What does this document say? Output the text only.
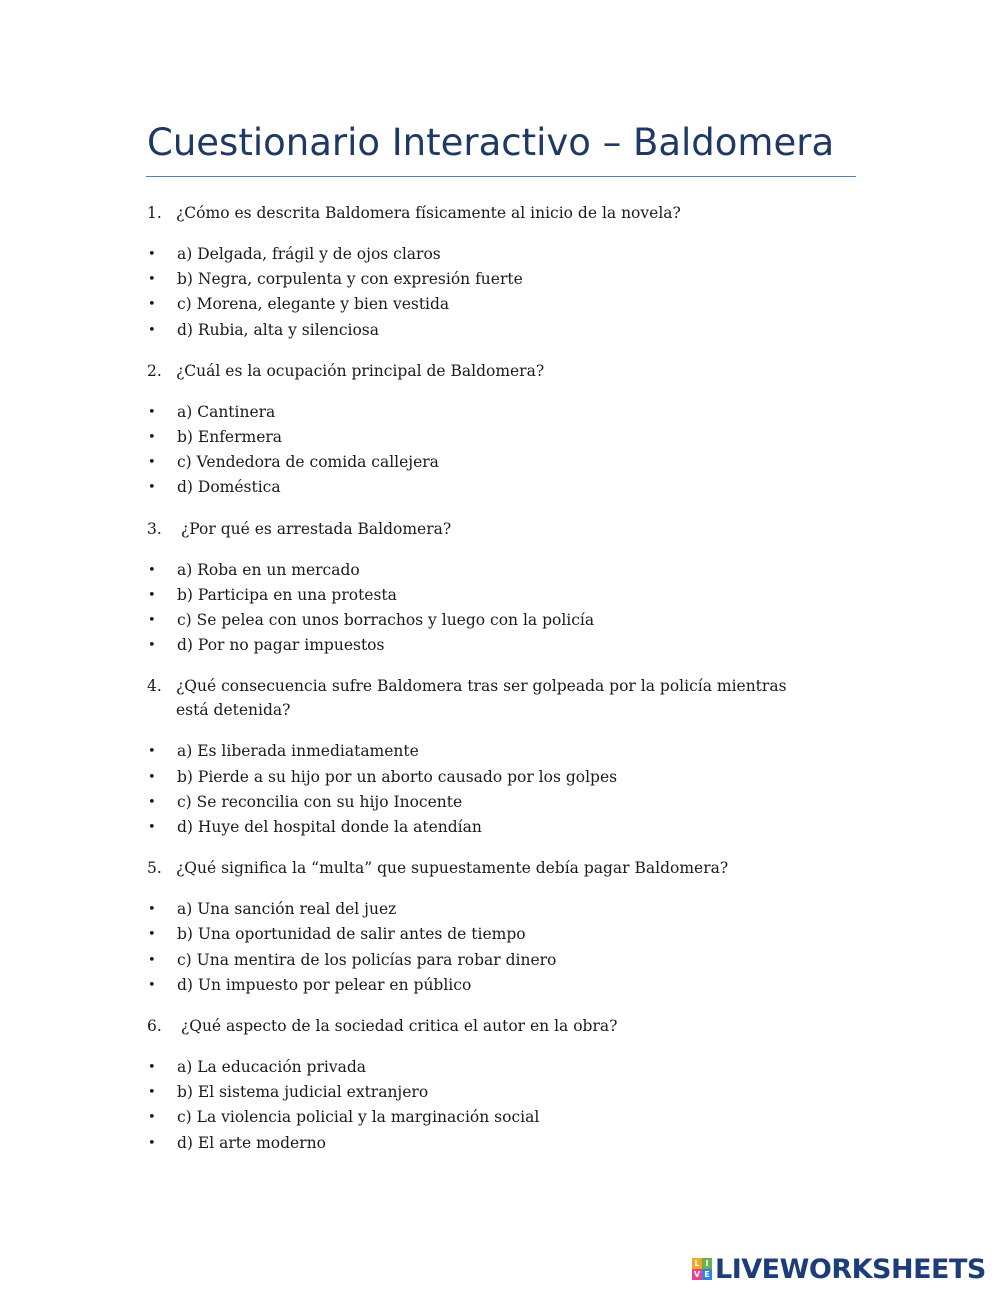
Cuestionario Interactivo – Baldomera
1. ¿Cómo es descrita Baldomera físicamente al inicio de la novela?
•	a) Delgada, frágil y de ojos claros
•	b) Negra, corpulenta y con expresión fuerte
•	c) Morena, elegante y bien vestida
•	d) Rubia, alta y silenciosa
2. ¿Cuál es la ocupación principal de Baldomera?
•	a) Cantinera
•	b) Enfermera
•	c) Vendedora de comida callejera
•	d) Doméstica
3. ¿Por qué es arrestada Baldomera?
•	a) Roba en un mercado
•	b) Participa en una protesta
•	c) Se pelea con unos borrachos y luego con la policía
•	d) Por no pagar impuestos
4. ¿Qué consecuencia sufre Baldomera tras ser golpeada por la policía mientras está detenida?
•	a) Es liberada inmediatamente
•	b) Pierde a su hijo por un aborto causado por los golpes
•	c) Se reconcilia con su hijo Inocente
•	d) Huye del hospital donde la atendían
5. ¿Qué significa la “multa” que supuestamente debía pagar Baldomera?
•	a) Una sanción real del juez
•	b) Una oportunidad de salir antes de tiempo
•	c) Una mentira de los policías para robar dinero
•	d) Un impuesto por pelear en público
6. ¿Qué aspecto de la sociedad critica el autor en la obra?
•	a) La educación privada
•	b) El sistema judicial extranjero
•	c) La violencia policial y la marginación social
•	d) El arte moderno
L I
V E LIVEWORKSHEETS
